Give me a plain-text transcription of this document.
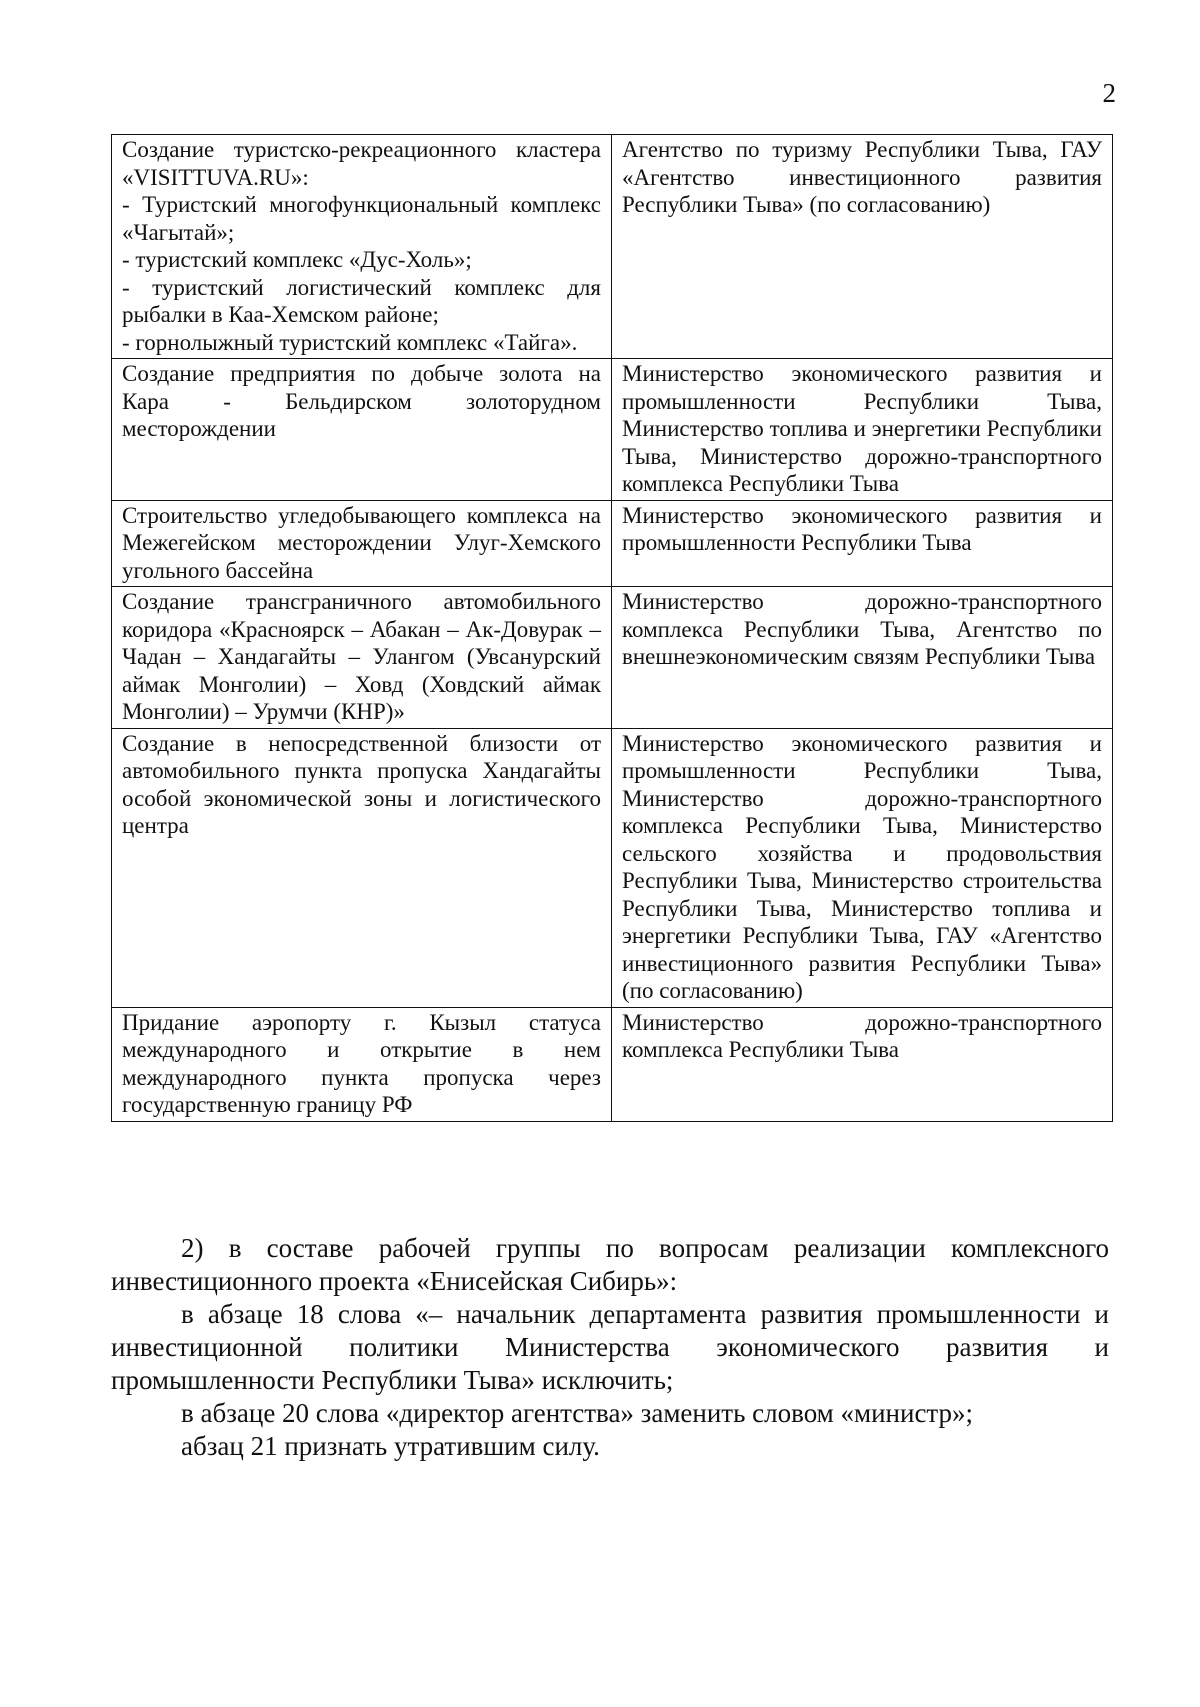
2
Создание туристско-рекреационного кластера «VISITTUVA.RU»:
- Туристский многофункциональный комплекс «Чагытай»;
- туристский комплекс «Дус-Холь»;
- туристский логистический комплекс для рыбалки в Каа-Хемском районе;
- горнолыжный туристский комплекс «Тайга».	Агентство по туризму Республики Тыва, ГАУ «Агентство инвестиционного развития Республики Тыва» (по согласованию)
Создание предприятия по добыче золота на Кара - Бельдирском золоторудном месторождении	Министерство экономического развития и промышленности Республики Тыва, Министерство топлива и энергетики Республики Тыва, Министерство дорожно-транспортного комплекса Республики Тыва
Строительство угледобывающего комплекса на Межегейском месторождении Улуг-Хемского угольного бассейна	Министерство экономического развития и промышленности Республики Тыва
Создание трансграничного автомобильного коридора «Красноярск – Абакан – Ак-Довурак – Чадан – Хандагайты – Улангом (Увсанурский аймак Монголии) – Ховд (Ховдский аймак Монголии) – Урумчи (КНР)»	Министерство дорожно-транспортного комплекса Республики Тыва, Агентство по внешнеэкономическим связям Республики Тыва
Создание в непосредственной близости от автомобильного пункта пропуска Хандагайты особой экономической зоны и логистического центра	Министерство экономического развития и промышленности Республики Тыва, Министерство дорожно-транспортного комплекса Республики Тыва, Министерство сельского хозяйства и продовольствия Республики Тыва, Министерство строительства Республики Тыва, Министерство топлива и энергетики Республики Тыва, ГАУ «Агентство инвестиционного развития Республики Тыва» (по согласованию)
Придание аэропорту г. Кызыл статуса международного и открытие в нем международного пункта пропуска через государственную границу РФ	Министерство дорожно-транспортного комплекса Республики Тыва

2) в составе рабочей группы по вопросам реализации комплексного инвестиционного проекта «Енисейская Сибирь»:

в абзаце 18 слова «– начальник департамента развития промышленности и инвестиционной политики Министерства экономического развития и промышленности Республики Тыва» исключить;

в абзаце 20 слова «директор агентства» заменить словом «министр»;

абзац 21 признать утратившим силу.
